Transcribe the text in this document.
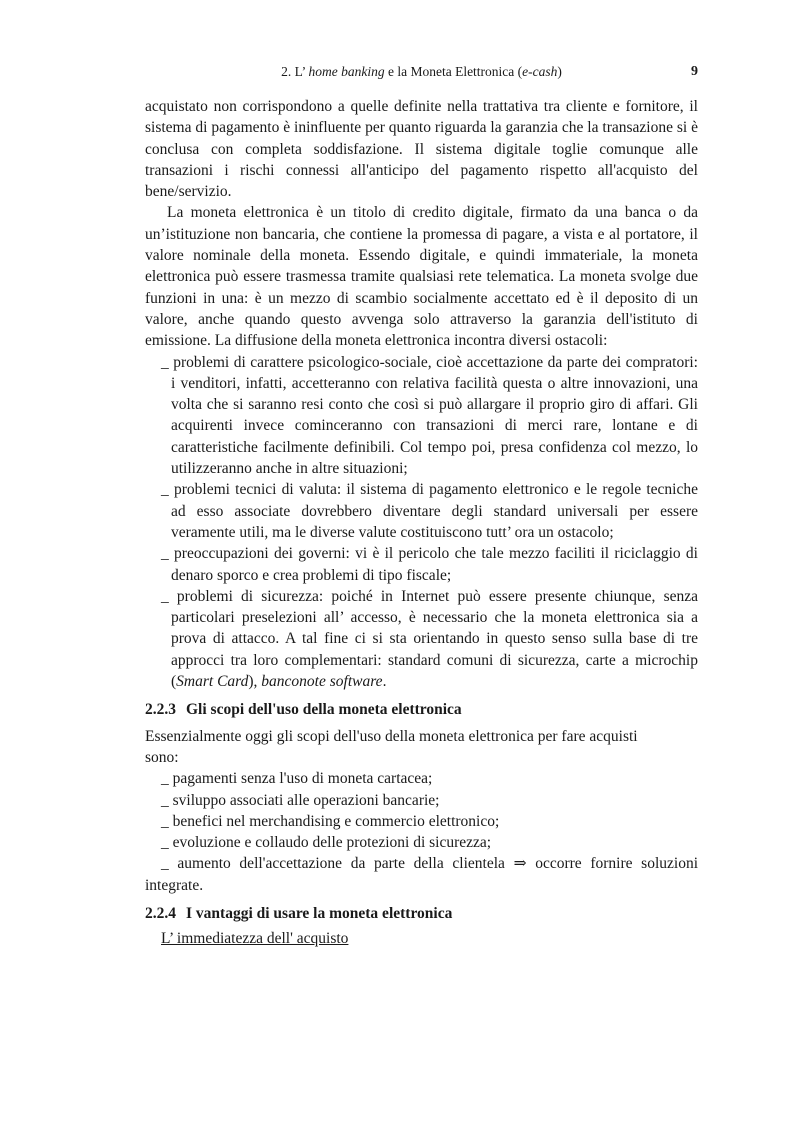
2. L’ home banking e la Moneta Elettronica (e-cash)	9

acquistato non corrispondono a quelle definite nella trattativa tra cliente e fornitore, il sistema di pagamento è ininfluente per quanto riguarda la garanzia che la transazione si è conclusa con completa soddisfazione. Il sistema digitale toglie comunque alle transazioni i rischi connessi all'anticipo del pagamento rispetto all'acquisto del bene/servizio.

La moneta elettronica è un titolo di credito digitale, firmato da una banca o da un’istituzione non bancaria, che contiene la promessa di pagare, a vista e al portatore, il valore nominale della moneta. Essendo digitale, e quindi immateriale, la moneta elettronica può essere trasmessa tramite qualsiasi rete telematica. La moneta svolge due funzioni in una: è un mezzo di scambio socialmente accettato ed è il deposito di un valore, anche quando questo avvenga solo attraverso la garanzia dell'istituto di emissione. La diffusione della moneta elettronica incontra diversi ostacoli:

_ problemi di carattere psicologico-sociale, cioè accettazione da parte dei compratori: i venditori, infatti, accetteranno con relativa facilità questa o altre innovazioni, una volta che si saranno resi conto che così si può allargare il proprio giro di affari. Gli acquirenti invece cominceranno con transazioni di merci rare, lontane e di caratteristiche facilmente definibili. Col tempo poi, presa confidenza col mezzo, lo utilizzeranno anche in altre situazioni;
_ problemi tecnici di valuta: il sistema di pagamento elettronico e le regole tecniche ad esso associate dovrebbero diventare degli standard universali per essere veramente utili, ma le diverse valute costituiscono tutt’ ora un ostacolo;
_ preoccupazioni dei governi: vi è il pericolo che tale mezzo faciliti il riciclaggio di denaro sporco e crea problemi di tipo fiscale;
_ problemi di sicurezza: poiché in Internet può essere presente chiunque, senza particolari preselezioni all’ accesso, è necessario che la moneta elettronica sia a prova di attacco. A tal fine ci si sta orientando in questo senso sulla base di tre approcci tra loro complementari: standard comuni di sicurezza, carte a microchip (Smart Card), banconote software.
2.2.3 Gli scopi dell'uso della moneta elettronica

Essenzialmente oggi gli scopi dell'uso della moneta elettronica per fare acquisti sono:

_ pagamenti senza l'uso di moneta cartacea;
_ sviluppo associati alle operazioni bancarie;
_ benefici nel merchandising e commercio elettronico;
_ evoluzione e collaudo delle protezioni di sicurezza;

_ aumento dell'accettazione da parte della clientela ⇒ occorre fornire soluzioni integrate.

2.2.4 I vantaggi di usare la moneta elettronica
L’ immediatezza dell' acquisto
